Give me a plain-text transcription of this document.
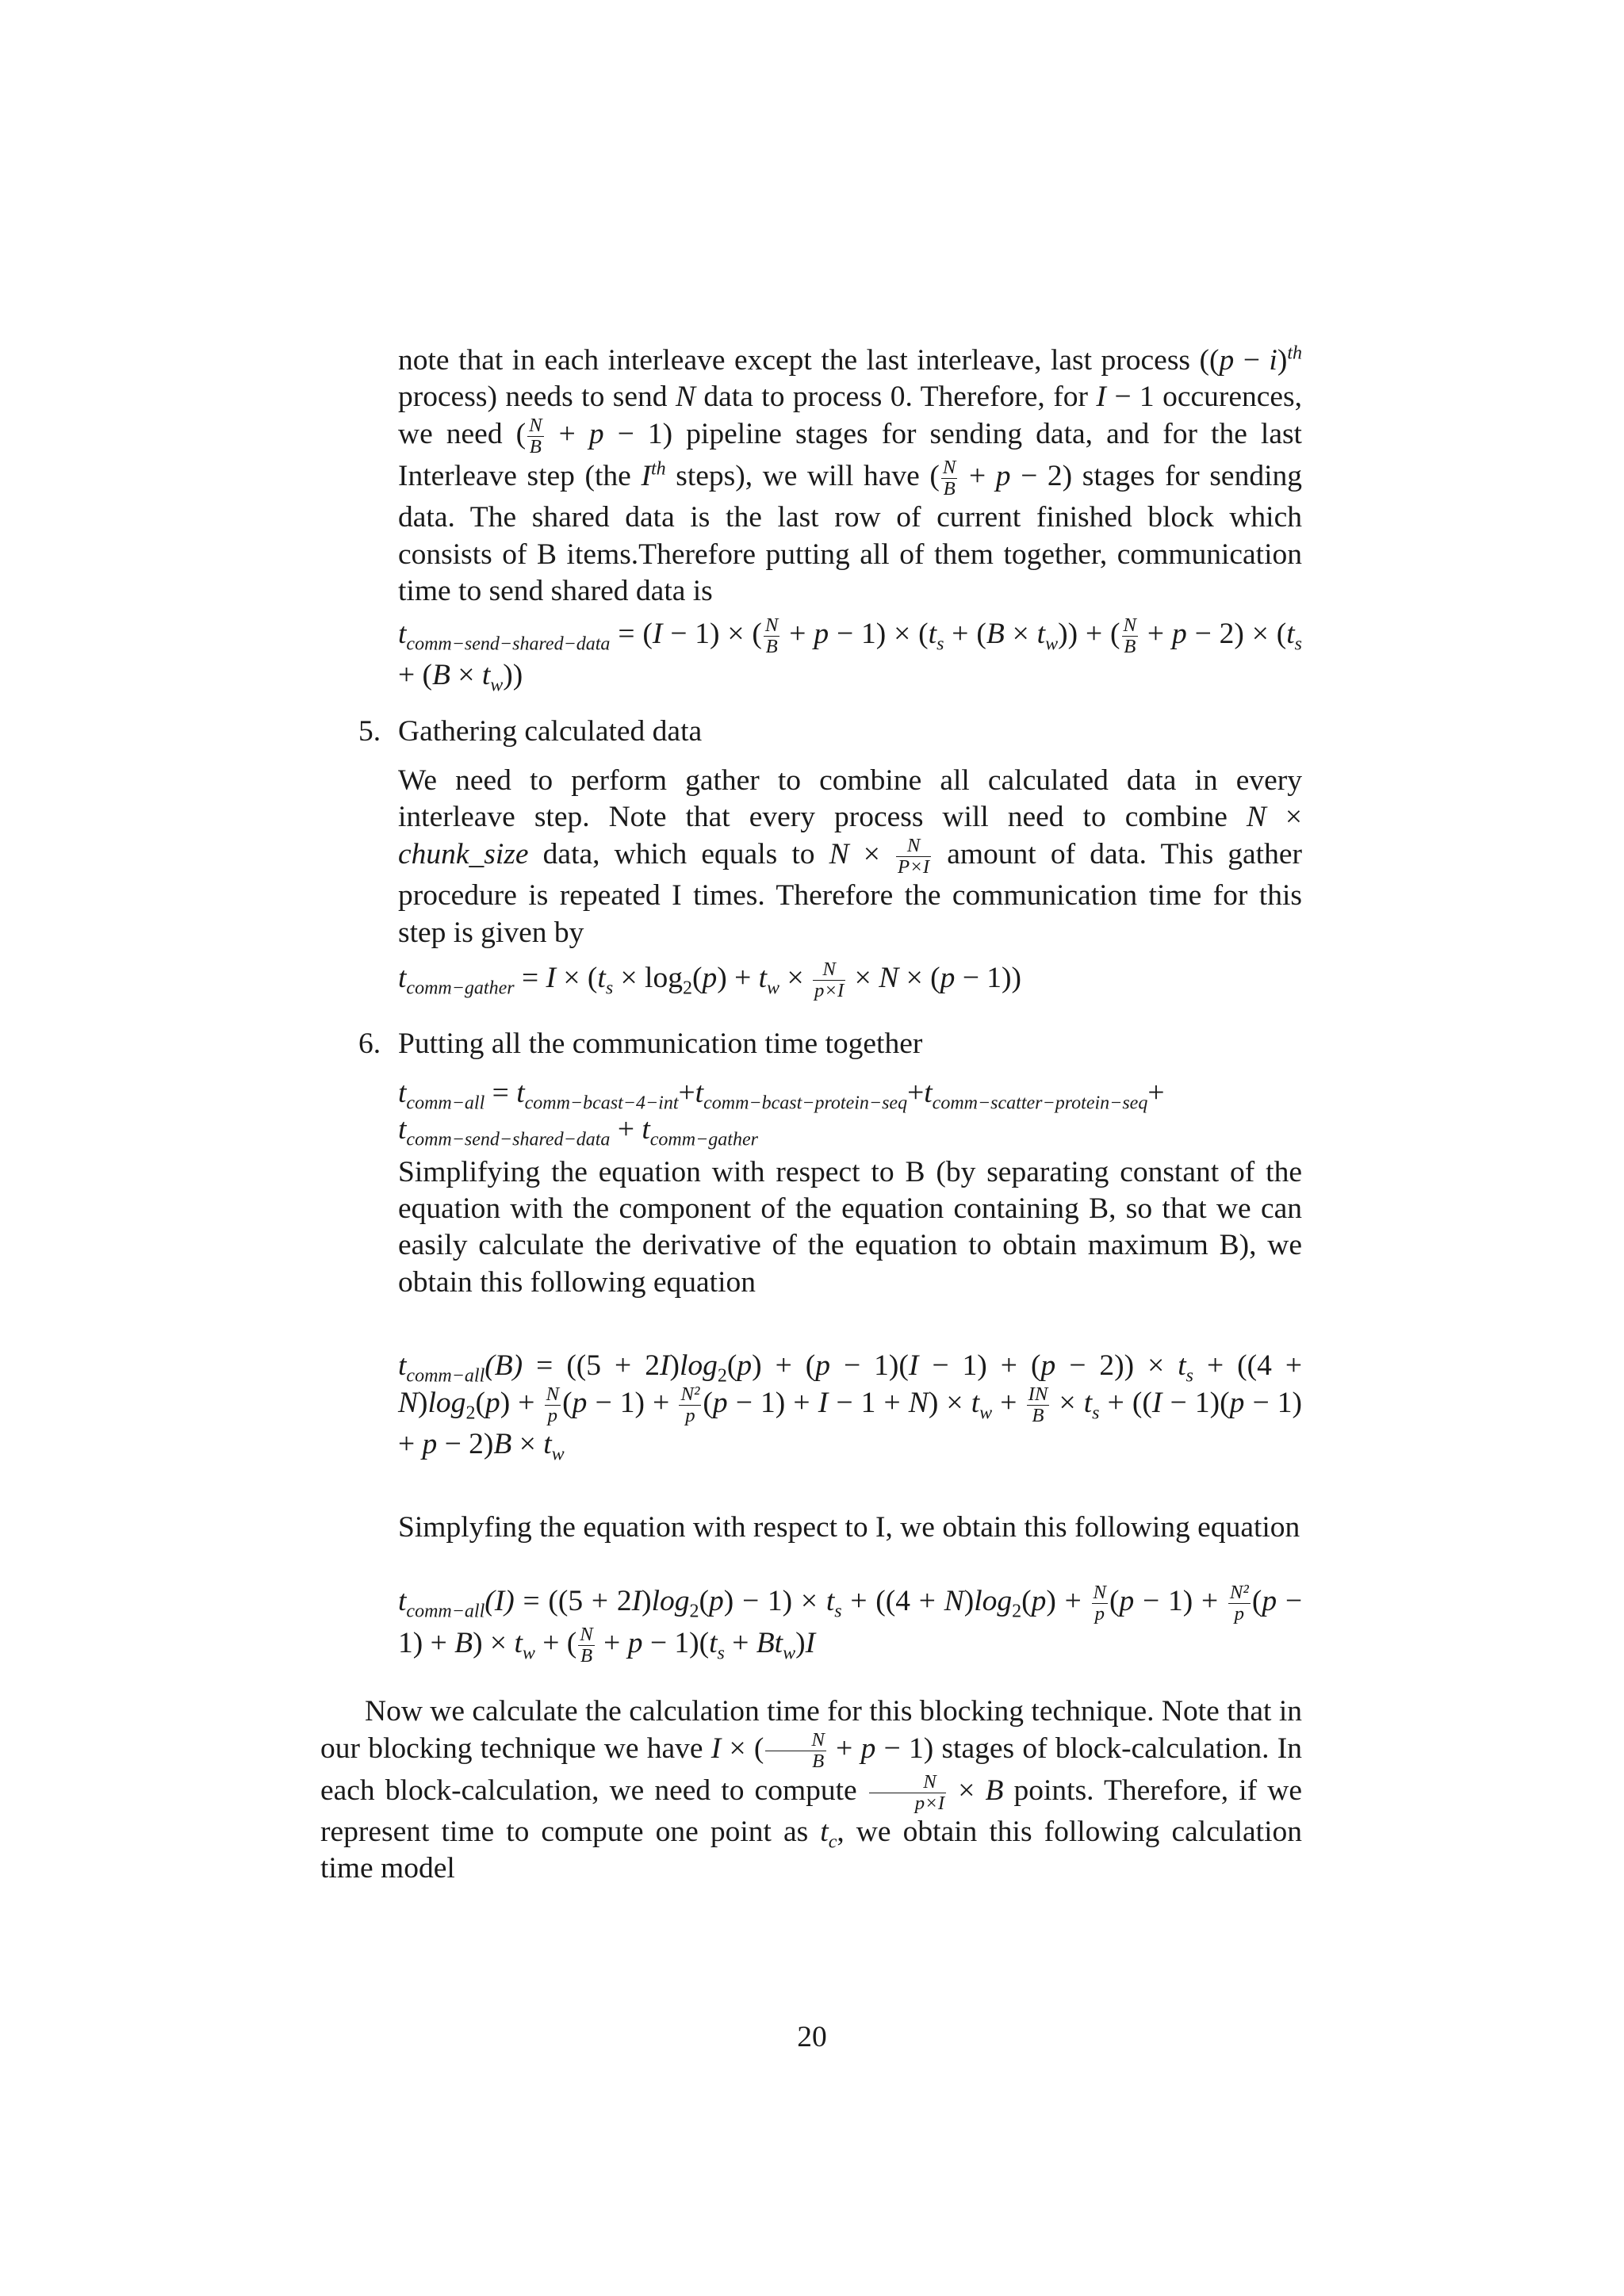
note that in each interleave except the last interleave, last process ($(p - i)^{th}$ process) needs to send N data to process 0. Therefore, for I − 1 occurences, we need ( $\frac{N}{B} + p - 1$) pipeline stages for sending data, and for the last Interleave step (the Ith steps), we will have ( $\frac{N}{B} + p - 2$) stages for sending data. The shared data is the last row of current finished block which consists of B items.Therefore putting all of them together, communication time to send shared data is

$t_{comm-send-shared-data} = (I - 1)$ × ( $\frac{N}{B} + p - 1) \times (t_s + (B \times t_w))$ + ( $\frac{N}{B} + p - 2) \times (t_s + (B \times t_w))$

5. Gathering calculated data

We need to perform gather to combine all calculated data in every interleave step. Note that every process will need to combine N × chunk_size data, which equals to $N \times \frac{N}{P\times I}$ amount of data. This gather procedure is repeated I times. Therefore the communication time for this step is given by

$t_{comm-gather} = I \times (t_s \times \log_2(p) + t_w \times \frac{N}{p\times I} \times N \times (p - 1))$
6. Putting all the communication time together
$t_{comm-all} = t_{comm-bcast-4-int}+t_{comm-bcast-protein-seq}+t_{comm-scatter-protein-seq}+$
$t_{comm-send-shared-data} + t_{comm-gather}$

Simplifying the equation with respect to B (by separating constant of the equation with the component of the equation containing B, so that we can easily calculate the derivative of the equation to obtain maximum B), we obtain this following equation

$t_{comm-all}(B) = ((5 + 2I)\log_2(p) + (p - 1)(I - 1) + (p - 2)) \times t_s + ((4 + N)\log_2(p) + \frac{N}{p} (p - 1) + \frac{\text{N²}}{p} (p - 1) + I - 1 + N) \times t_w + \frac{IN}{B} \times t_s + ((I - 1)(p - 1) + p - 2)B \times t_w$

Simplyfing the equation with respect to I, we obtain this following equation

$t_{comm-all}(I) = ((5 + 2I)\log_2(p) - 1) \times t_s + ((4 + N)\log_2(p) + \frac{N}{p} (p - 1) + \frac{\text{N²}}{p} (p - 1) + B) \times t_w$ + ( $\frac{N}{B} + p - 1)(t_s + Bt_w)I$

Now we calculate the calculation time for this blocking technique. Note that in our blocking technique we have I × ( $\frac{N}{B} + p - 1$) stages of block-calculation. In each block-calculation, we need to compute $\frac{N}{p\times I} \times B$ points. Therefore, if we represent time to compute one point as $t_c$, we obtain this following calculation time model

20
